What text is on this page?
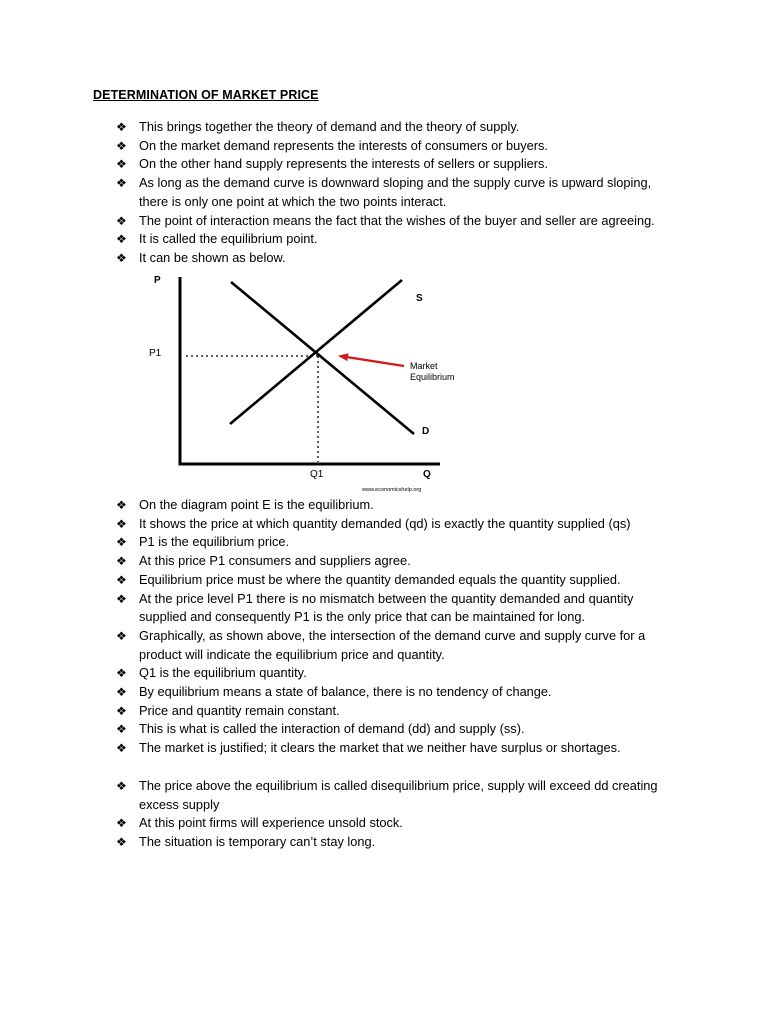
DETERMINATION OF MARKET PRICE
❖ This brings together the theory of demand and the theory of supply.
❖ On the market demand represents the interests of consumers or buyers.
❖ On the other hand supply represents the interests of sellers or suppliers.
❖ As long as the demand curve is downward sloping and the supply curve is upward sloping, there is only one point at which the two points interact.
❖ The point of interaction means the fact that the wishes of the buyer and seller are agreeing.
❖ It is called the equilibrium point.
❖ It can be shown as below.
P
Q
P1
Q1
S
D
Market
Equilibrium
www.economicshelp.org
❖ On the diagram point E is the equilibrium.
❖ It shows the price at which quantity demanded (qd) is exactly the quantity supplied (qs)
❖ P1 is the equilibrium price.
❖ At this price P1 consumers and suppliers agree.
❖ Equilibrium price must be where the quantity demanded equals the quantity supplied.
❖ At the price level P1 there is no mismatch between the quantity demanded and quantity supplied and consequently P1 is the only price that can be maintained for long.
❖ Graphically, as shown above, the intersection of the demand curve and supply curve for a product will indicate the equilibrium price and quantity.
❖ Q1 is the equilibrium quantity.
❖ By equilibrium means a state of balance, there is no tendency of change.
❖ Price and quantity remain constant.
❖ This is what is called the interaction of demand (dd) and supply (ss).
❖ The market is justified; it clears the market that we neither have surplus or shortages.
❖ The price above the equilibrium is called disequilibrium price, supply will exceed dd creating excess supply
❖ At this point firms will experience unsold stock.
❖ The situation is temporary can’t stay long.
